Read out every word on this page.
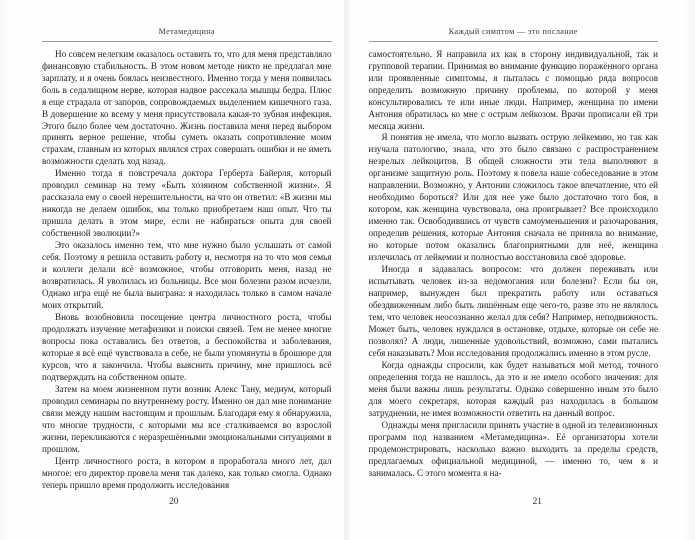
Метамедицина

Но совсем нелегким оказалось оставить то, что для меня представляло финансовую стабильность. В этом новом методе никто не предлагал мне зарплату, и я очень боялась неизвестного. Именно тогда у меня появилась боль в седалищном нерве, которая надвое рассекала мышцы бедра. Плюс я еще страдала от запоров, сопровождаемых выделением кишечного газа. В довершение ко всему у меня присутствовала какая-то зубная инфекция. Этого было более чем достаточно. Жизнь поставила меня перед выбором принять верное решение, чтобы суметь оказать сопротивление моим страхам, главным из которых являлся страх совершать ошибки и не иметь возможности сделать ход назад.

Именно тогда я повстречала доктора Герберта Байерля, который проводил семинар на тему «Быть хозяином собственной жизни». Я рассказала ему о своей нерешительности, на что он ответил: «В жизни мы никогда не делаем ошибок, мы только приобретаем наш опыт. Что ты пришла делать в этом мире, если не набираться опыта для своей собственной эволюции?»

Это оказалось именно тем, что мне нужно было услышать от самой себя. Поэтому я решила оставить работу и, несмотря на то что моя семья и коллеги делали всё возможное, чтобы отговорить меня, назад не возвратилась. Я уволилась из больницы. Все мои болезни разом исчезли. Однако игра ещё не была выиграна: я находилась только в самом начале моих открытий.

Вновь возобновила посещение центра личностного роста, чтобы продолжать изучение метафизики и поиски связей. Тем не менее многие вопросы пока оставались без ответов, а беспокойства и заболевания, которые я всё ещё чувствовала в себе, не были упомянуты в брошюре для курсов, что я закончила. Чтобы выяснить причину, мне пришлось всё подтверждать на собственном опыте.

Затем на моем жизненном пути возник Алекс Тану, медиум, который проводил семинары по внутреннему росту. Именно он дал мне понимание связи между нашим настоящим и прошлым. Благодаря ему я обнаружила, что многие трудности, с которыми мы все сталкиваемся во взрослой жизни, перекликаются с неразрешёнными эмоциональными ситуациями в прошлом.

Центр личностного роста, в котором я проработала много лет, дал многое: его директор провела меня так далеко, как только смогла. Однако теперь пришло время продолжить исследования

20
Каждый симптом — это послание

самостоятельно. Я направила их как в сторону индивидуальной, так и групповой терапии. Принимая во внимание функцию поражённого органа или проявленные симптомы, я пыталась с помощью ряда вопросов определить возможную причину проблемы, по которой у меня консультировались те или иные люди. Например, женщина по имени Антония обратилась ко мне с острым лейкозом. Врачи прописали ей три месяца жизни.

Я понятия не имела, что могло вызвать острую лейкемию, но так как изучала патологию, знала, что это было связано с распространением незрелых лейкоцитов. В общей сложности эти тела выполняют в организме защитную роль. Поэтому я повела наше собеседование в этом направлении. Возможно, у Антонии сложилось такое впечатление, что ей необходимо бороться? Или для нее уже было достаточно того боя, в котором, как женщина чувствовала, она проигрывает? Все происходило именно так. Освободившись от чувств самоуменьшения и разочарования, определив решения, которые Антония сначала не приняла во внимание, но которые потом оказались благоприятными для неё, женщина излечилась от лейкемии и полностью восстановила своё здоровье.

Иногда я задавалась вопросом: что должен переживать или испытывать человек из-за недомогания или болезни? Если бы он, например, вынужден был прекратить работу или оставаться обездвиженным либо быть лишённым еще чего-то, разве это не являлось тем, что человек неосознанно желал для себя? Например, неподвижность. Может быть, человек нуждался в остановке, отдыхе, которые он себе не позволял? А люди, лишенные удовольствий, возможно, сами пытались себя наказывать? Мои исследования продолжались именно в этом русле.

Когда однажды спросили, как будет называться мой метод, точного определения тогда не нашлось, да это и не имело особого значения: для меня были важны лишь результаты. Однако совершенно иным это было для моего секретаря, которая каждый раз находилась в большом затруднении, не имея возможности ответить на данный вопрос.

Однажды меня пригласили принять участие в одной из телевизионных программ под названием «Метамедицина». Её организаторы хотели продемонстрировать, насколько важно выходить за пределы средств, предлагаемых официальной медициной, — именно то, чем я и занималась. С этого момента я на-

21
